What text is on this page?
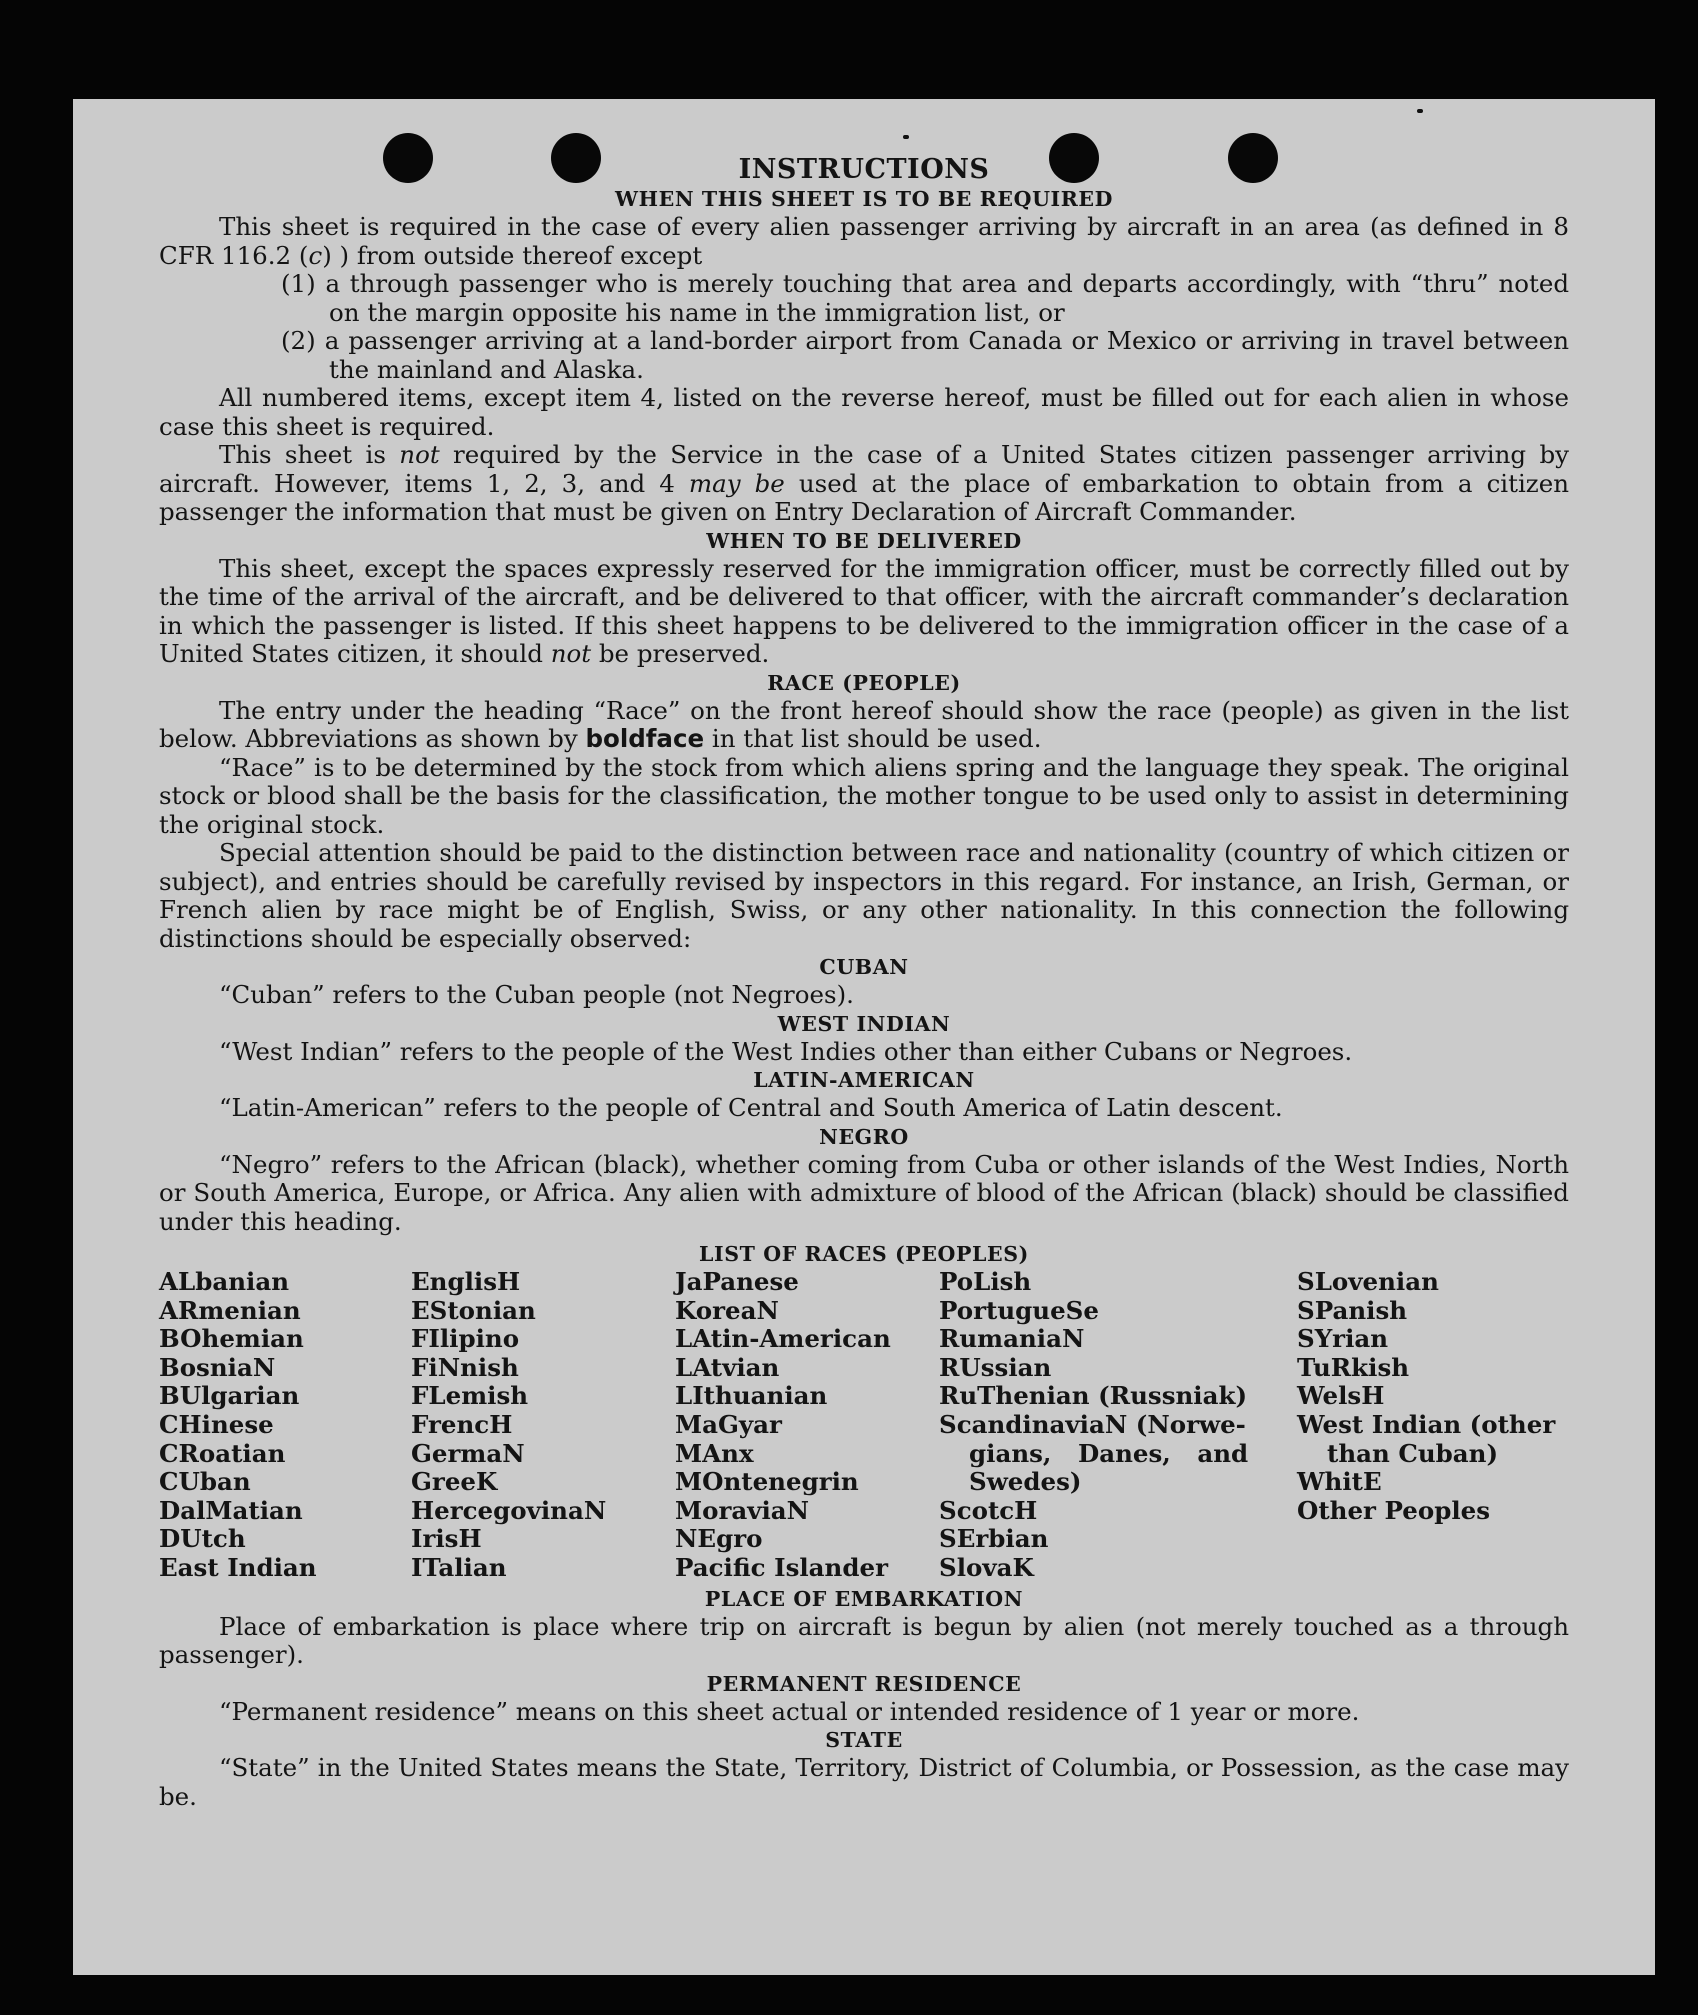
INSTRUCTIONS
WHEN THIS SHEET IS TO BE REQUIRED

This sheet is required in the case of every alien passenger arriving by aircraft in an area (as defined in 8 CFR 116.2 (c) ) from outside thereof except

(1) a through passenger who is merely touching that area and departs accordingly, with “thru” noted on the margin opposite his name in the immigration list, or

(2) a passenger arriving at a land-border airport from Canada or Mexico or arriving in travel between the mainland and Alaska.

All numbered items, except item 4, listed on the reverse hereof, must be filled out for each alien in whose case this sheet is required.

This sheet is not required by the Service in the case of a United States citizen passenger arriving by aircraft. However, items 1, 2, 3, and 4 may be used at the place of embarkation to obtain from a citizen passenger the information that must be given on Entry Declaration of Aircraft Commander.

WHEN TO BE DELIVERED

This sheet, except the spaces expressly reserved for the immigration officer, must be correctly filled out by the time of the arrival of the aircraft, and be delivered to that officer, with the aircraft commander’s declaration in which the passenger is listed. If this sheet happens to be delivered to the immigration officer in the case of a United States citizen, it should not be preserved.

RACE (PEOPLE)

The entry under the heading “Race” on the front hereof should show the race (people) as given in the list below. Abbreviations as shown by boldface in that list should be used.

“Race” is to be determined by the stock from which aliens spring and the language they speak. The original stock or blood shall be the basis for the classification, the mother tongue to be used only to assist in determining the original stock.

Special attention should be paid to the distinction between race and nationality (country of which citizen or subject), and entries should be carefully revised by inspectors in this regard. For instance, an Irish, German, or French alien by race might be of English, Swiss, or any other nationality. In this connection the following distinctions should be especially observed:

CUBAN

“Cuban” refers to the Cuban people (not Negroes).

WEST INDIAN

“West Indian” refers to the people of the West Indies other than either Cubans or Negroes.

LATIN-AMERICAN

“Latin-American” refers to the people of Central and South America of Latin descent.

NEGRO

“Negro” refers to the African (black), whether coming from Cuba or other islands of the West Indies, North or South America, Europe, or Africa. Any alien with admixture of blood of the African (black) should be classified under this heading.

LIST OF RACES (PEOPLES)
ALbanian
ARmenian
BOhemian
BosniaN
BUlgarian
CHinese
CRoatian
CUban
DalMatian
DUtch
East Indian
EnglisH
EStonian
FIlipino
FiNnish
FLemish
FrencH
GermaN
GreeK
HercegovinaN
IrisH
ITalian
JaPanese
KoreaN
LAtin-American
LAtvian
LIthuanian
MaGyar
MAnx
MOntenegrin
MoraviaN
NEgro
Pacific Islander
PoLish
PortugueSe
RumaniaN
RUssian
RuThenian (Russniak)
ScandinaviaN (Norwe-
gians, Danes, and
Swedes)
ScotcH
SErbian
SlovaK
SLovenian
SPanish
SYrian
TuRkish
WelsH
West Indian (other
than Cuban)
WhitE
Other Peoples
PLACE OF EMBARKATION

Place of embarkation is place where trip on aircraft is begun by alien (not merely touched as a through passenger).

PERMANENT RESIDENCE

“Permanent residence” means on this sheet actual or intended residence of 1 year or more.

STATE

“State” in the United States means the State, Territory, District of Columbia, or Possession, as the case may be.
